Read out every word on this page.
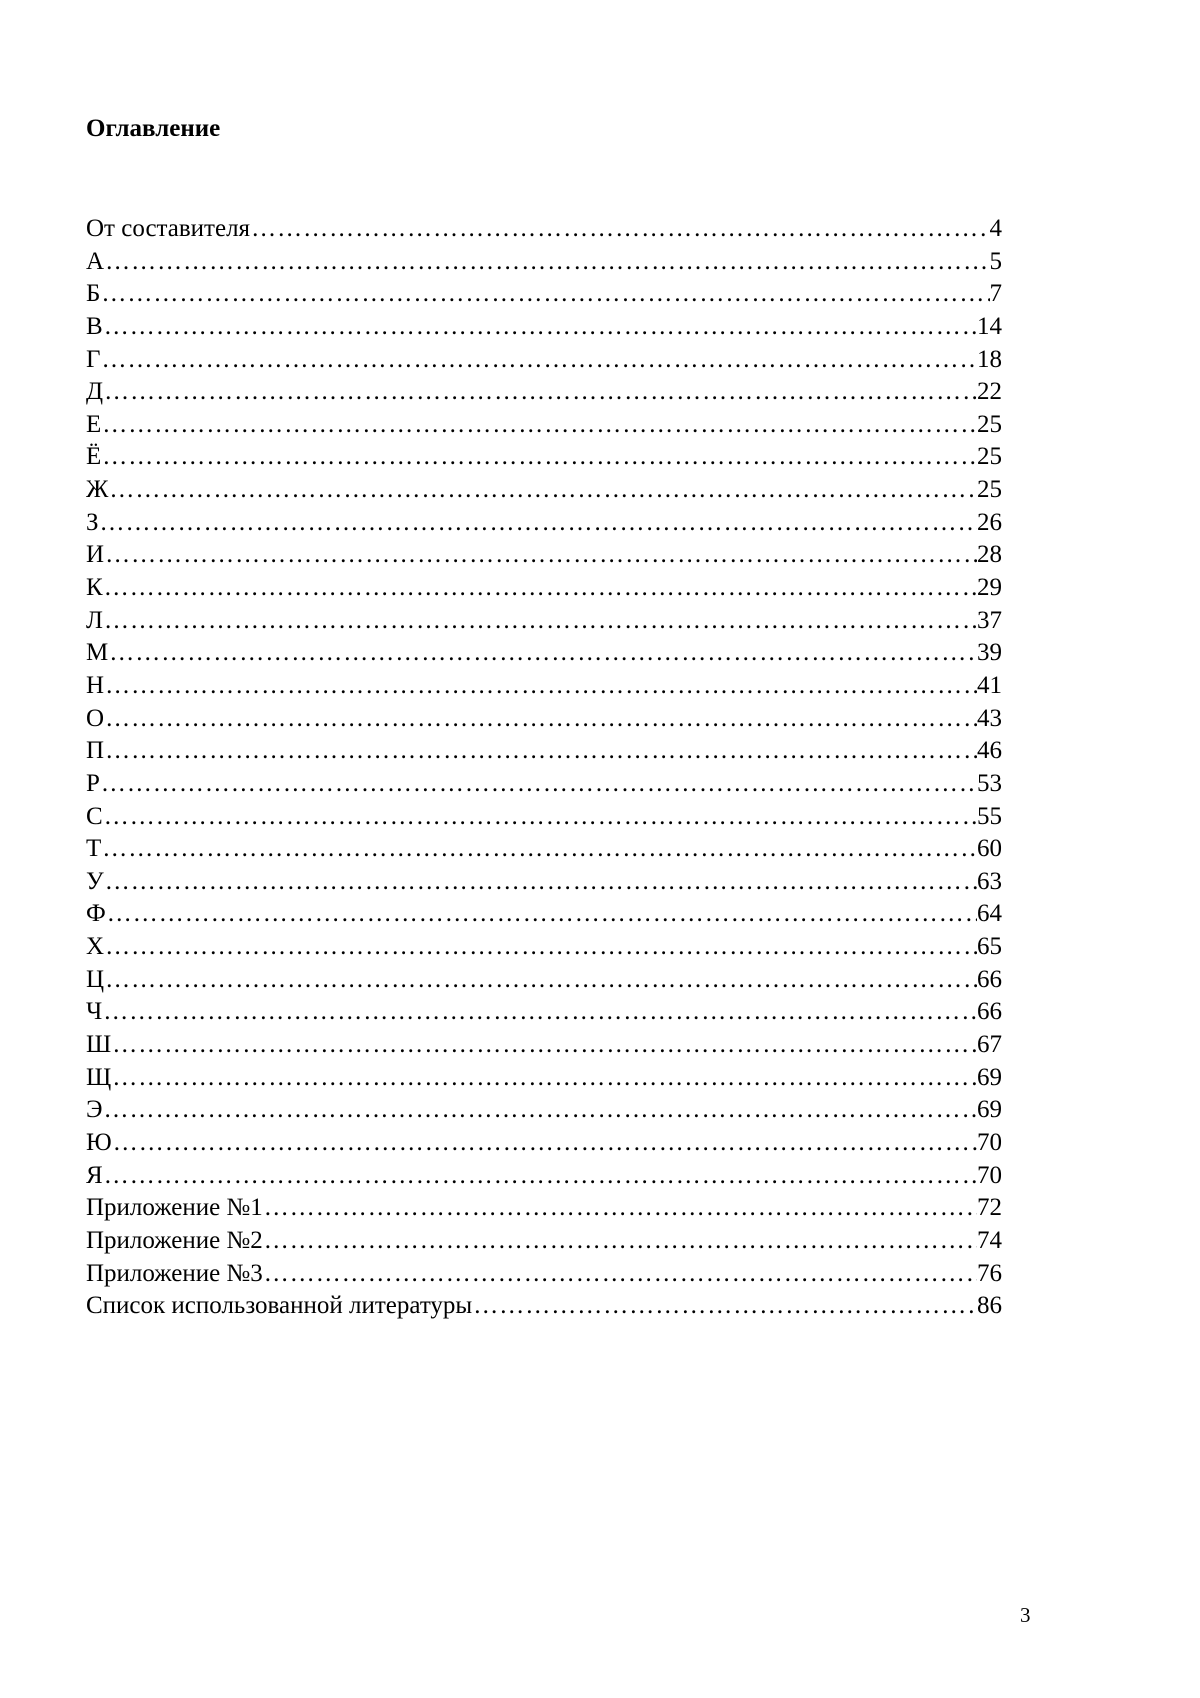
Оглавление
От составителя ……………………………………………………………………………………………………………………………………………………………………………………………………………	4
А ……………………………………………………………………………………………………………………………………………………………………………………………………………	5
Б ……………………………………………………………………………………………………………………………………………………………………………………………………………	7
В ……………………………………………………………………………………………………………………………………………………………………………………………………………	14
Г ……………………………………………………………………………………………………………………………………………………………………………………………………………	18
Д ……………………………………………………………………………………………………………………………………………………………………………………………………………	22
Е ……………………………………………………………………………………………………………………………………………………………………………………………………………	25
Ё ……………………………………………………………………………………………………………………………………………………………………………………………………………	25
Ж ……………………………………………………………………………………………………………………………………………………………………………………………………………	25
З ……………………………………………………………………………………………………………………………………………………………………………………………………………	26
И ……………………………………………………………………………………………………………………………………………………………………………………………………………	28
К ……………………………………………………………………………………………………………………………………………………………………………………………………………	29
Л ……………………………………………………………………………………………………………………………………………………………………………………………………………	37
М ……………………………………………………………………………………………………………………………………………………………………………………………………………	39
Н ……………………………………………………………………………………………………………………………………………………………………………………………………………	41
О ……………………………………………………………………………………………………………………………………………………………………………………………………………	43
П ……………………………………………………………………………………………………………………………………………………………………………………………………………	46
Р ……………………………………………………………………………………………………………………………………………………………………………………………………………	53
С ……………………………………………………………………………………………………………………………………………………………………………………………………………	55
Т ……………………………………………………………………………………………………………………………………………………………………………………………………………	60
У ……………………………………………………………………………………………………………………………………………………………………………………………………………	63
Ф ……………………………………………………………………………………………………………………………………………………………………………………………………………	64
Х ……………………………………………………………………………………………………………………………………………………………………………………………………………	65
Ц ……………………………………………………………………………………………………………………………………………………………………………………………………………	66
Ч ……………………………………………………………………………………………………………………………………………………………………………………………………………	66
Ш ……………………………………………………………………………………………………………………………………………………………………………………………………………	67
Щ ……………………………………………………………………………………………………………………………………………………………………………………………………………	69
Э ……………………………………………………………………………………………………………………………………………………………………………………………………………	69
Ю ……………………………………………………………………………………………………………………………………………………………………………………………………………	70
Я ……………………………………………………………………………………………………………………………………………………………………………………………………………	70
Приложение №1 ……………………………………………………………………………………………………………………………………………………………………………………………………………	72
Приложение №2 ……………………………………………………………………………………………………………………………………………………………………………………………………………	74
Приложение №3 ……………………………………………………………………………………………………………………………………………………………………………………………………………	76
Список использованной литературы ……………………………………………………………………………………………………………………………………………………………………………………………………………	86
3
